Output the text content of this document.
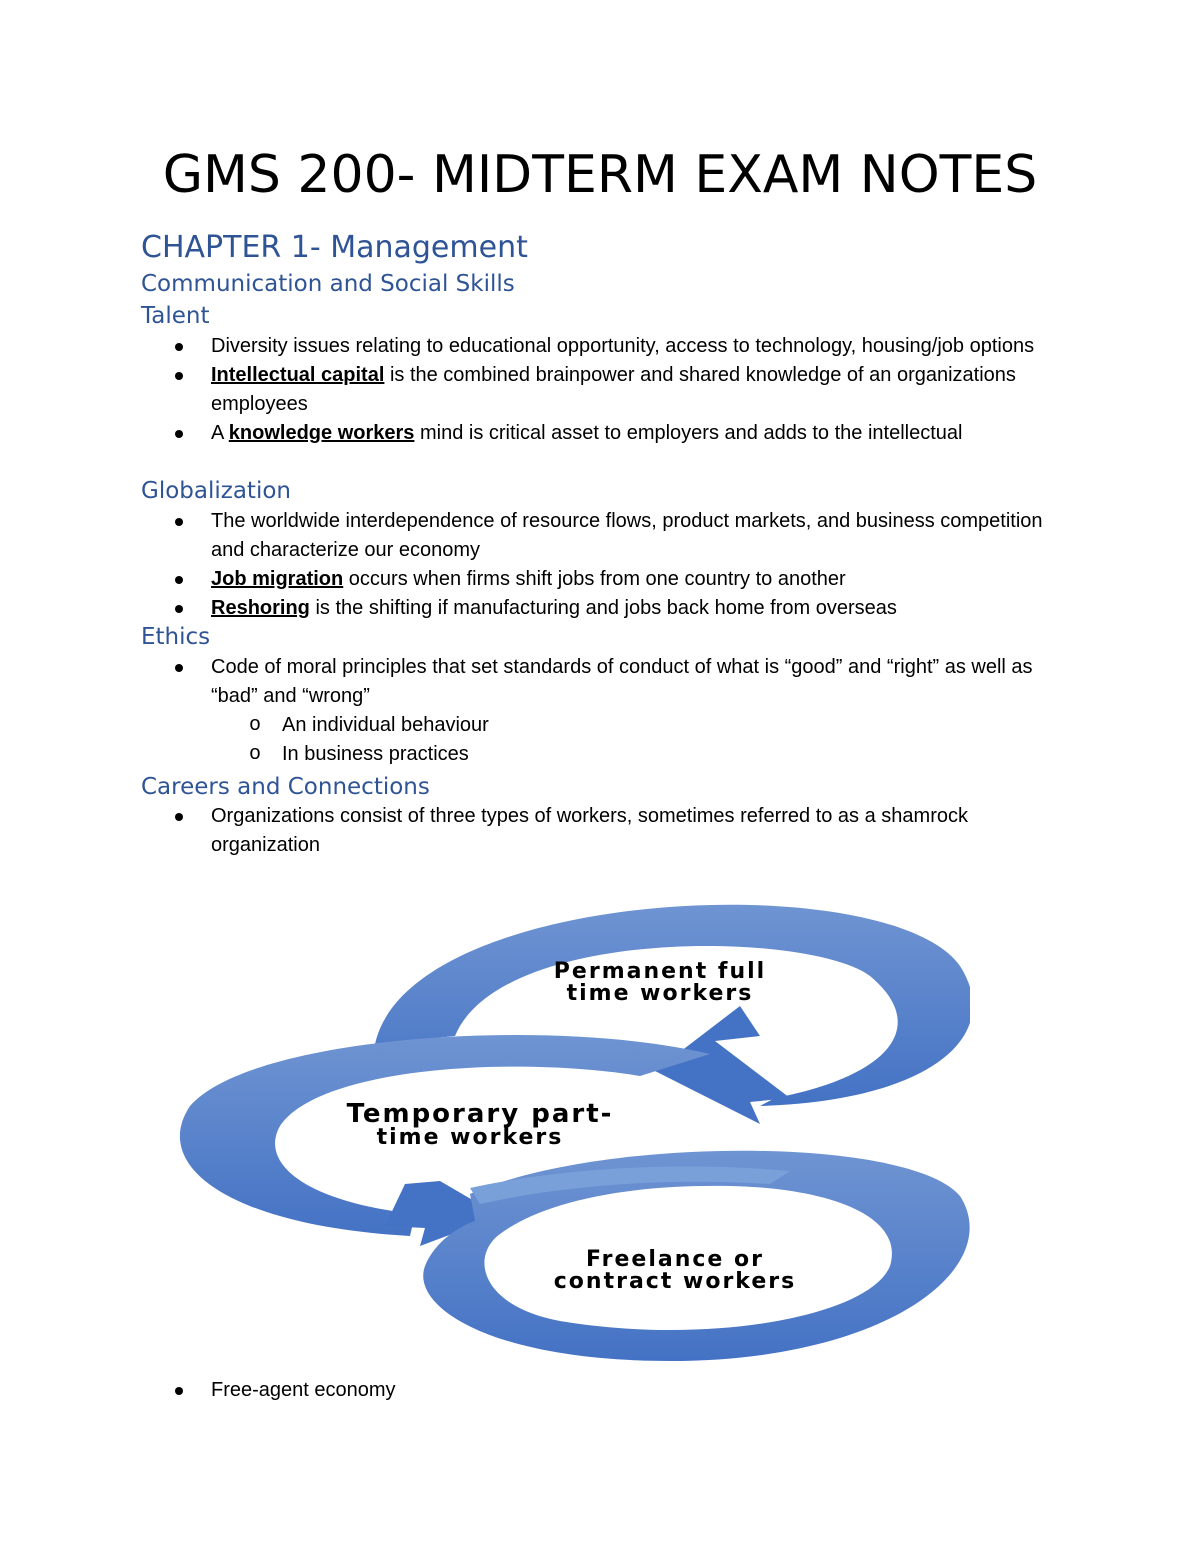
GMS 200- MIDTERM EXAM NOTES
CHAPTER 1- Management
Communication and Social Skills
Talent
Diversity issues relating to educational opportunity, access to technology, housing/job options
Intellectual capital is the combined brainpower and shared knowledge of an organizations employees
A knowledge workers mind is critical asset to employers and adds to the intellectual
Globalization
The worldwide interdependence of resource flows, product markets, and business competition and characterize our economy
Job migration occurs when firms shift jobs from one country to another
Reshoring is the shifting if manufacturing and jobs back home from overseas
Ethics
Code of moral principles that set standards of conduct of what is “good” and “right” as well as “bad” and “wrong”
o An individual behaviour
o In business practices
Careers and Connections
Organizations consist of three types of workers, sometimes referred to as a shamrock organization
Permanent full
time workers
Temporary part-
time workers
Freelance or
contract workers
Free-agent economy
